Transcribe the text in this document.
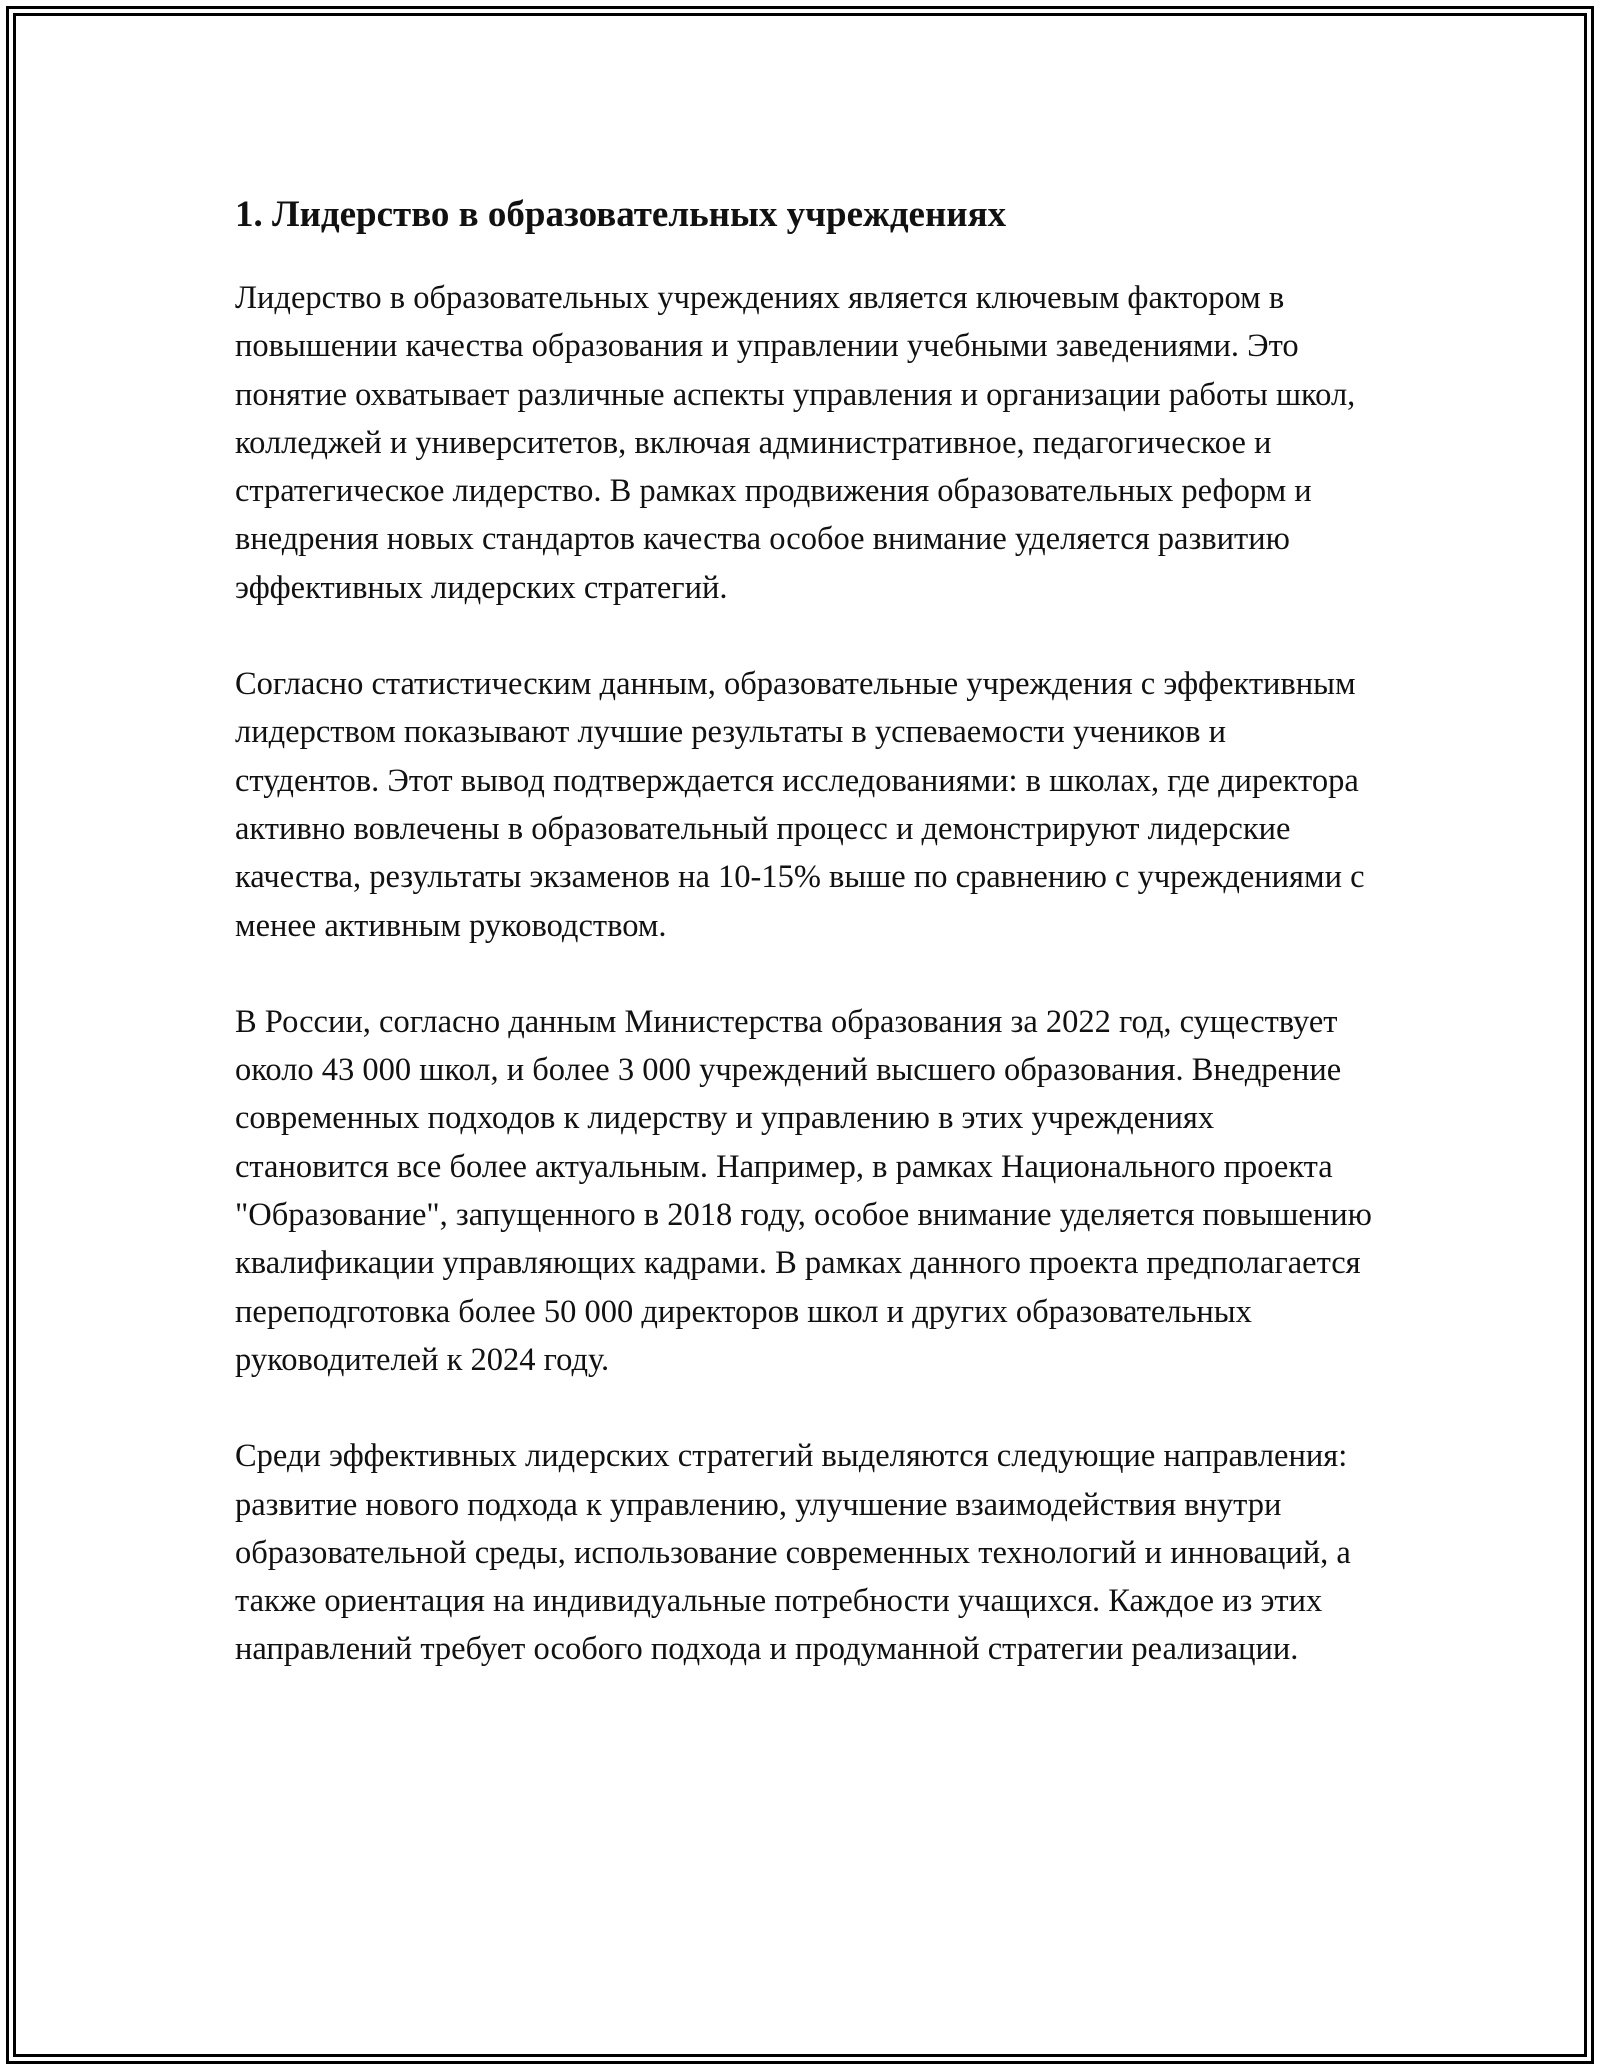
1. Лидерство в образовательных учреждениях

Лидерство в образовательных учреждениях является ключевым фактором в повышении качества образования и управлении учебными заведениями. Это понятие охватывает различные аспекты управления и организации работы школ, колледжей и университетов, включая административное, педагогическое и стратегическое лидерство. В рамках продвижения образовательных реформ и внедрения новых стандартов качества особое внимание уделяется развитию эффективных лидерских стратегий.

Согласно статистическим данным, образовательные учреждения с эффективным лидерством показывают лучшие результаты в успеваемости учеников и студентов. Этот вывод подтверждается исследованиями: в школах, где директора активно вовлечены в образовательный процесс и демонстрируют лидерские качества, результаты экзаменов на 10-15% выше по сравнению с учреждениями с менее активным руководством.

В России, согласно данным Министерства образования за 2022 год, существует около 43 000 школ, и более 3 000 учреждений высшего образования. Внедрение современных подходов к лидерству и управлению в этих учреждениях становится все более актуальным. Например, в рамках Национального проекта "Образование", запущенного в 2018 году, особое внимание уделяется повышению квалификации управляющих кадрами. В рамках данного проекта предполагается переподготовка более 50 000 директоров школ и других образовательных руководителей к 2024 году.

Среди эффективных лидерских стратегий выделяются следующие направления: развитие нового подхода к управлению, улучшение взаимодействия внутри образовательной среды, использование современных технологий и инноваций, а также ориентация на индивидуальные потребности учащихся. Каждое из этих направлений требует особого подхода и продуманной стратегии реализации.
